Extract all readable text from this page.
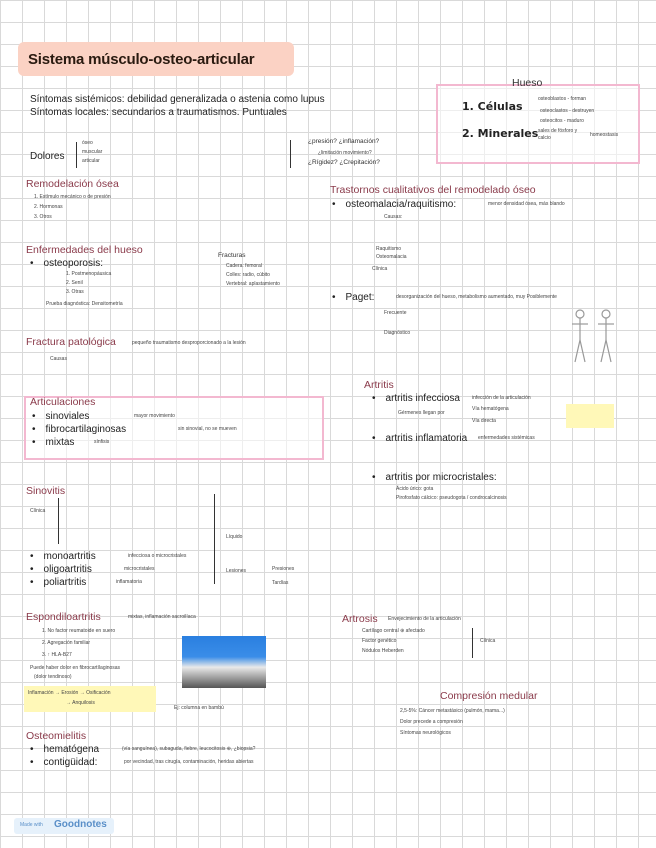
Sistema músculo-osteo-articular
Síntomas sistémicos: debilidad generalizada o astenia como lupus
Síntomas locales: secundarios a traumatismos. Puntuales
Hueso
1. Células
osteoblastos - forman
osteoclastos - destruyen
osteocitos - maduro
2. Minerales sales de fósforo y calcio	homeostasis
Dolores
óseo
muscular
articular
¿presión? ¿inflamación?
¿limitación movimiento?
¿Rígidez? ¿Crepitación?
Remodelación ósea
1. Estímulo mecánico o de presión
2. Hormonas
3. Otros
Trastornos cualitativos del remodelado óseo
• osteomalacia/raquitismo:	menor densidad ósea, más blando
Causas:
Raquitismo
Osteomalacia
Clínica
• Paget:	desorganización del hueso, metabolismo aumentado, muy Posiblemente
Frecuente
Diagnóstico
Enfermedades del hueso
• osteoporosis:
1. Postmenopáusica
2. Senil
3. Otras
Prueba diagnóstica: Densitometría
Fracturas
Cadera: femoral
Colles: radio, cúbito
Vertebral: aplastamiento
Fractura patológica	pequeño traumatismo desproporcionado a la lesión
Causas
Articulaciones
• sinoviales	mayor movimiento
• fibrocartilaginosas	sin sinovial, no se mueven
• mixtas	sínfisis
Artritis
• artritis infecciosa infección de la articulación
Gérmenes llegan por
Vía hematógena
Vía directa
• artritis inflamatoria enfermedades sistémicas
• artritis por microcristales:
Ácido úrico: gota
Pirofosfato cálcico: pseudogota / condrocalcinosis
Sinovitis
Clínica
Líquido
Lesiones	Presiones
Tardías
• monoartritis	infecciosa o microcristales
• oligoartritis	microcristales
• poliartritis	inflamatoria
Espondiloartritis	mixtas, inflamación sacroilíaca
1. No factor reumatoide en suero
2. Agregación familiar
3. ↑ HLA-B27
Puede haber dolor en fibrocartílaginosas
(dolor tendinoso)
Inflamación → Erosión → Osificación
→ Anquilosis
Ej: columna en bambú
Artrosis Envejecimiento de la articulación
Cartílago central ⊕ afectado
Factor genético
Nódulos Heberden
Clínica
Compresión medular
2,5-5%: Cáncer metastásico (pulmón, mama...)
Dolor precede a compresión
Síntomas neurológicos
Osteomielitis
• hematógena	(vía sanguínea), subaguda, fiebre, leucocitosis ⊕, ¿biopsia?
• contigüidad:	por vecindad, tras cirugía, contaminación, heridas abiertas
Made with Goodnotes
